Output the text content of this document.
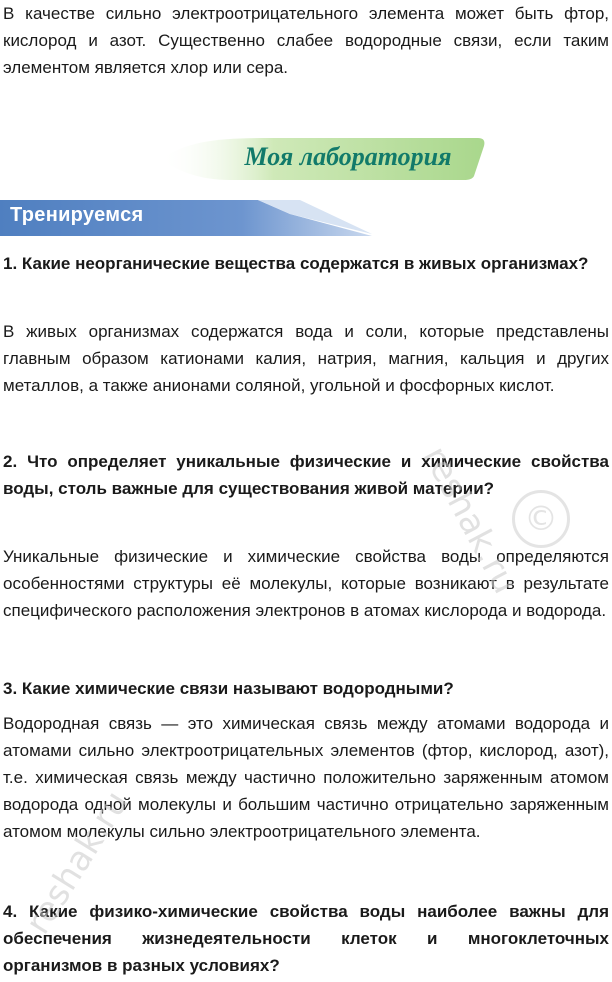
В качестве сильно электроотрицательного элемента может быть фтор, кислород и азот. Существенно слабее водородные связи, если таким элементом является хлор или сера.

Моя лаборатория
Тренируемся

1. Какие неорганические вещества содержатся в живых организмах?

В живых организмах содержатся вода и соли, которые представлены главным образом катионами калия, натрия, магния, кальция и других металлов, а также анионами соляной, угольной и фосфорных кислот.

2. Что определяет уникальные физические и химические свойства воды, столь важные для существования живой материи?

Уникальные физические и химические свойства воды определяются особенностями структуры её молекулы, которые возникают в результате специфического расположения электронов в атомах кислорода и водорода.

3. Какие химические связи называют водородными?

Водородная связь — это химическая связь между атомами водорода и атомами сильно электроотрицательных элементов (фтор, кислород, азот), т.е. химическая связь между частично положительно заряженным атомом водорода одной молекулы и большим частично отрицательно заряженным атомом молекулы сильно электроотрицательного элемента.

4. Какие физико-химические свойства воды наиболее важны для обеспечения жизнедеятельности клеток и многоклеточных организмов в разных условиях?

reshak.ru
©
reshak.ru
